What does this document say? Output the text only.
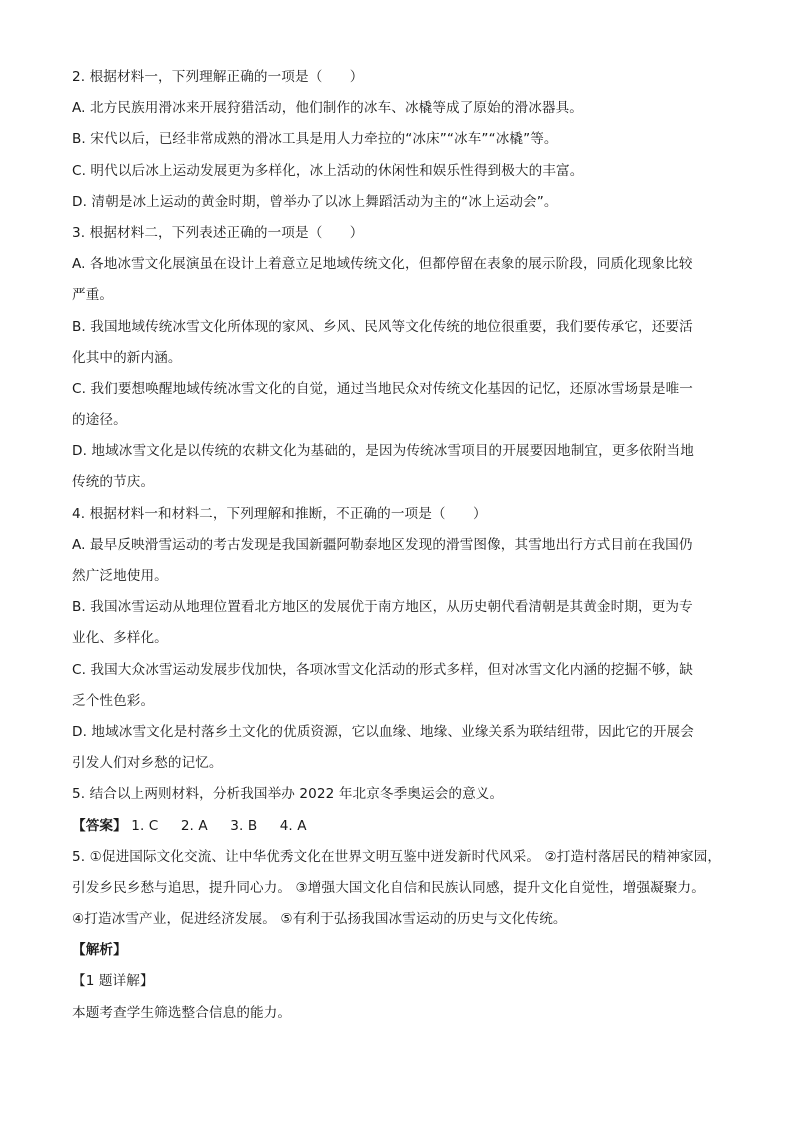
2. 根据材料一，下列理解正确的一项是（　　）
A. 北方民族用滑冰来开展狩猎活动，他们制作的冰车、冰橇等成了原始的滑冰器具。
B. 宋代以后，已经非常成熟的滑冰工具是用人力牵拉的“冰床”“冰车”“冰橇”等。
C. 明代以后冰上运动发展更为多样化，冰上活动的休闲性和娱乐性得到极大的丰富。
D. 清朝是冰上运动的黄金时期，曾举办了以冰上舞蹈活动为主的“冰上运动会”。
3. 根据材料二，下列表述正确的一项是（　　）
A. 各地冰雪文化展演虽在设计上着意立足地域传统文化，但都停留在表象的展示阶段，同质化现象比较
严重。
B. 我国地域传统冰雪文化所体现的家风、乡风、民风等文化传统的地位很重要，我们要传承它，还要活
化其中的新内涵。
C. 我们要想唤醒地域传统冰雪文化的自觉，通过当地民众对传统文化基因的记忆，还原冰雪场景是唯一
的途径。
D. 地域冰雪文化是以传统的农耕文化为基础的，是因为传统冰雪项目的开展要因地制宜，更多依附当地
传统的节庆。
4. 根据材料一和材料二，下列理解和推断，不正确的一项是（　　）
A. 最早反映滑雪运动的考古发现是我国新疆阿勒泰地区发现的滑雪图像，其雪地出行方式目前在我国仍
然广泛地使用。
B. 我国冰雪运动从地理位置看北方地区的发展优于南方地区，从历史朝代看清朝是其黄金时期，更为专
业化、多样化。
C. 我国大众冰雪运动发展步伐加快，各项冰雪文化活动的形式多样，但对冰雪文化内涵的挖掘不够，缺
乏个性色彩。
D. 地域冰雪文化是村落乡土文化的优质资源，它以血缘、地缘、业缘关系为联结纽带，因此它的开展会
引发人们对乡愁的记忆。
5. 结合以上两则材料，分析我国举办 2022 年北京冬季奥运会的意义。
【答案】 1. C 2. A 3. B 4. A
5. ①促进国际文化交流、让中华优秀文化在世界文明互鉴中迸发新时代风采。 ②打造村落居民的精神家园，
引发乡民乡愁与追思，提升同心力。 ③增强大国文化自信和民族认同感，提升文化自觉性，增强凝聚力。
④打造冰雪产业，促进经济发展。 ⑤有利于弘扬我国冰雪运动的历史与文化传统。
【解析】
【1 题详解】
本题考查学生筛选整合信息的能力。
